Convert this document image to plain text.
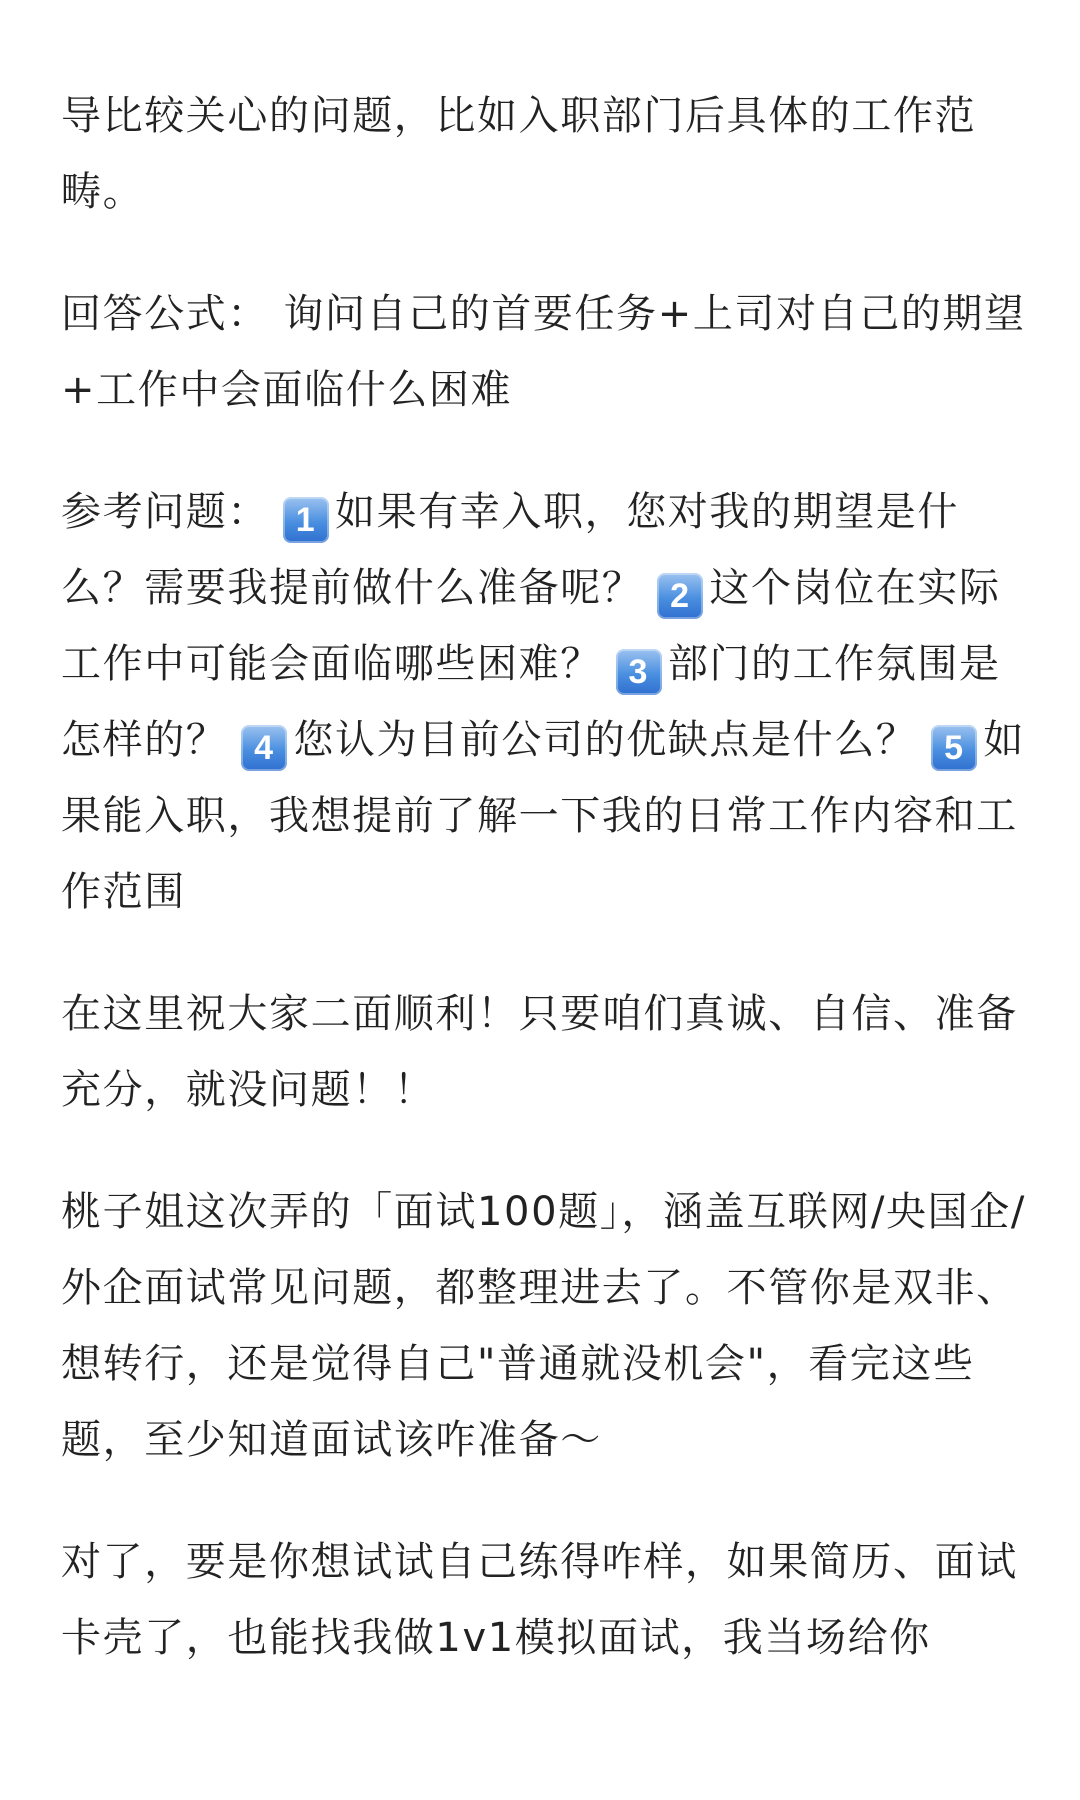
导比较关心的问题，比如入职部门后具体的工作范畴。

回答公式： 询问自己的首要任务+上司对自己的期望+工作中会面临什么困难

参考问题： 1 如果有幸入职，您对我的期望是什么？需要我提前做什么准备呢？ 2 这个岗位在实际工作中可能会面临哪些困难？ 3 部门的工作氛围是怎样的？ 4 您认为目前公司的优缺点是什么？ 5 如果能入职，我想提前了解一下我的日常工作内容和工作范围

在这里祝大家二面顺利！只要咱们真诚、自信、准备充分，就没问题！！

桃子姐这次弄的「面试100题」，涵盖互联网/央国企/外企面试常见问题，都整理进去了。不管你是双非、想转行，还是觉得自己"普通就没机会"，看完这些题，至少知道面试该咋准备～

对了，要是你想试试自己练得咋样，如果简历、面试卡壳了，也能找我做1v1模拟面试，我当场给你
